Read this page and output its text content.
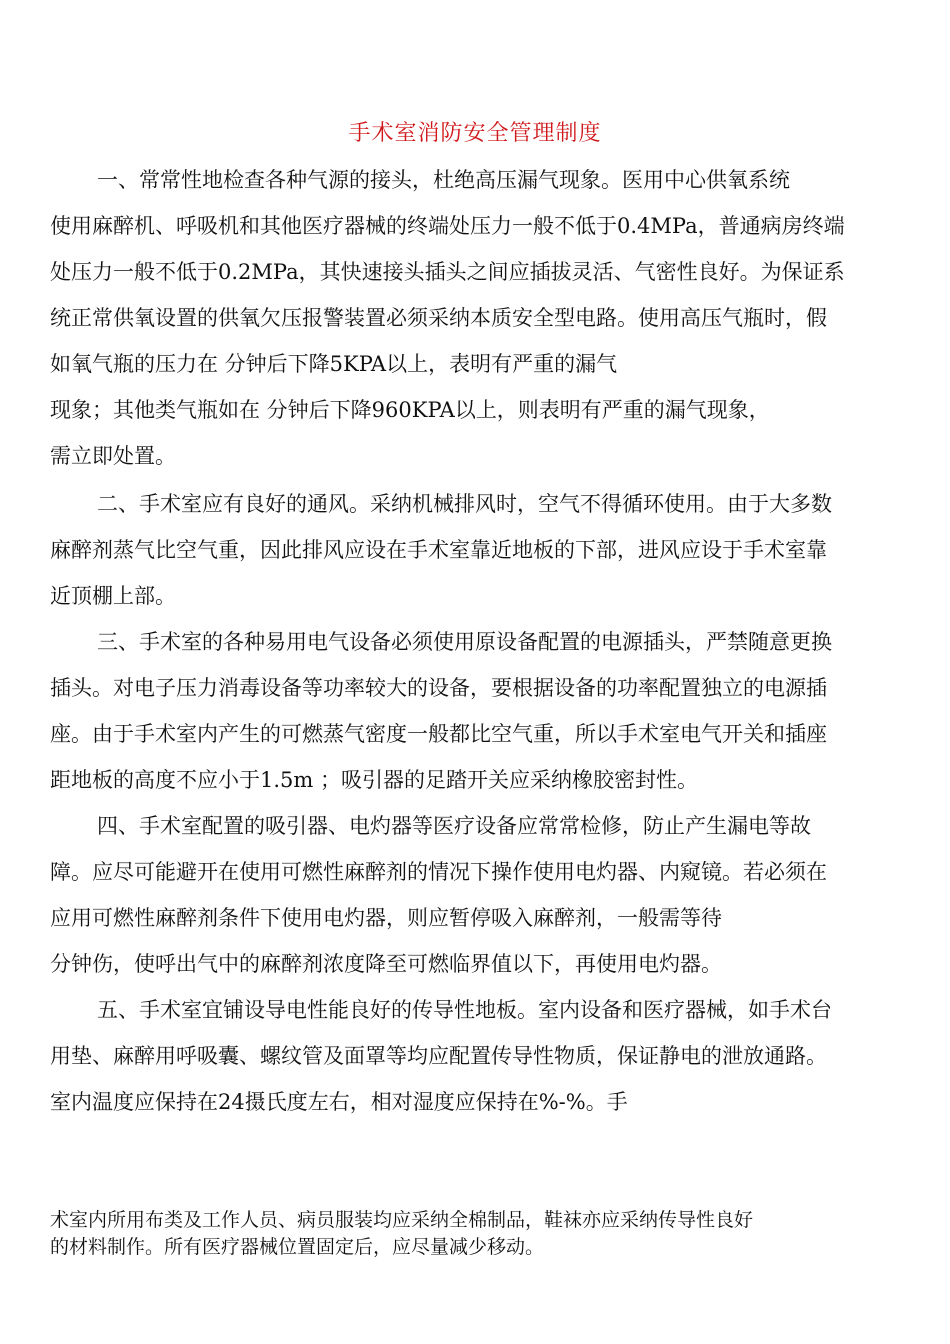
手术室消防安全管理制度
一、常常性地检查各种气源的接头，杜绝高压漏气现象。医用中心供氧系统
使用麻醉机、呼吸机和其他医疗器械的终端处压力一般不低于0.4MPa，普通病房终端
处压力一般不低于0.2MPa，其快速接头插头之间应插拔灵活、气密性良好。为保证系
统正常供氧设置的供氧欠压报警装置必须采纳本质安全型电路。使用高压气瓶时，假
如氧气瓶的压力在 分钟后下降5KPA以上，表明有严重的漏气
现象；其他类气瓶如在 分钟后下降960KPA以上，则表明有严重的漏气现象，
需立即处置。
二、手术室应有良好的通风。采纳机械排风时，空气不得循环使用。由于大多数
麻醉剂蒸气比空气重，因此排风应设在手术室靠近地板的下部，进风应设于手术室靠
近顶棚上部。
三、手术室的各种易用电气设备必须使用原设备配置的电源插头，严禁随意更换
插头。对电子压力消毒设备等功率较大的设备，要根据设备的功率配置独立的电源插
座。由于手术室内产生的可燃蒸气密度一般都比空气重，所以手术室电气开关和插座
距地板的高度不应小于1.5m ；吸引器的足踏开关应采纳橡胶密封性。
四、手术室配置的吸引器、电灼器等医疗设备应常常检修，防止产生漏电等故
障。应尽可能避开在使用可燃性麻醉剂的情况下操作使用电灼器、内窥镜。若必须在
应用可燃性麻醉剂条件下使用电灼器，则应暂停吸入麻醉剂，一般需等待
分钟伤，使呼出气中的麻醉剂浓度降至可燃临界值以下，再使用电灼器。
五、手术室宜铺设导电性能良好的传导性地板。室内设备和医疗器械，如手术台
用垫、麻醉用呼吸囊、螺纹管及面罩等均应配置传导性物质，保证静电的泄放通路。
室内温度应保持在24摄氏度左右，相对湿度应保持在%-%。手
术室内所用布类及工作人员、病员服装均应采纳全棉制品，鞋袜亦应采纳传导性良好
的材料制作。所有医疗器械位置固定后，应尽量减少移动。
